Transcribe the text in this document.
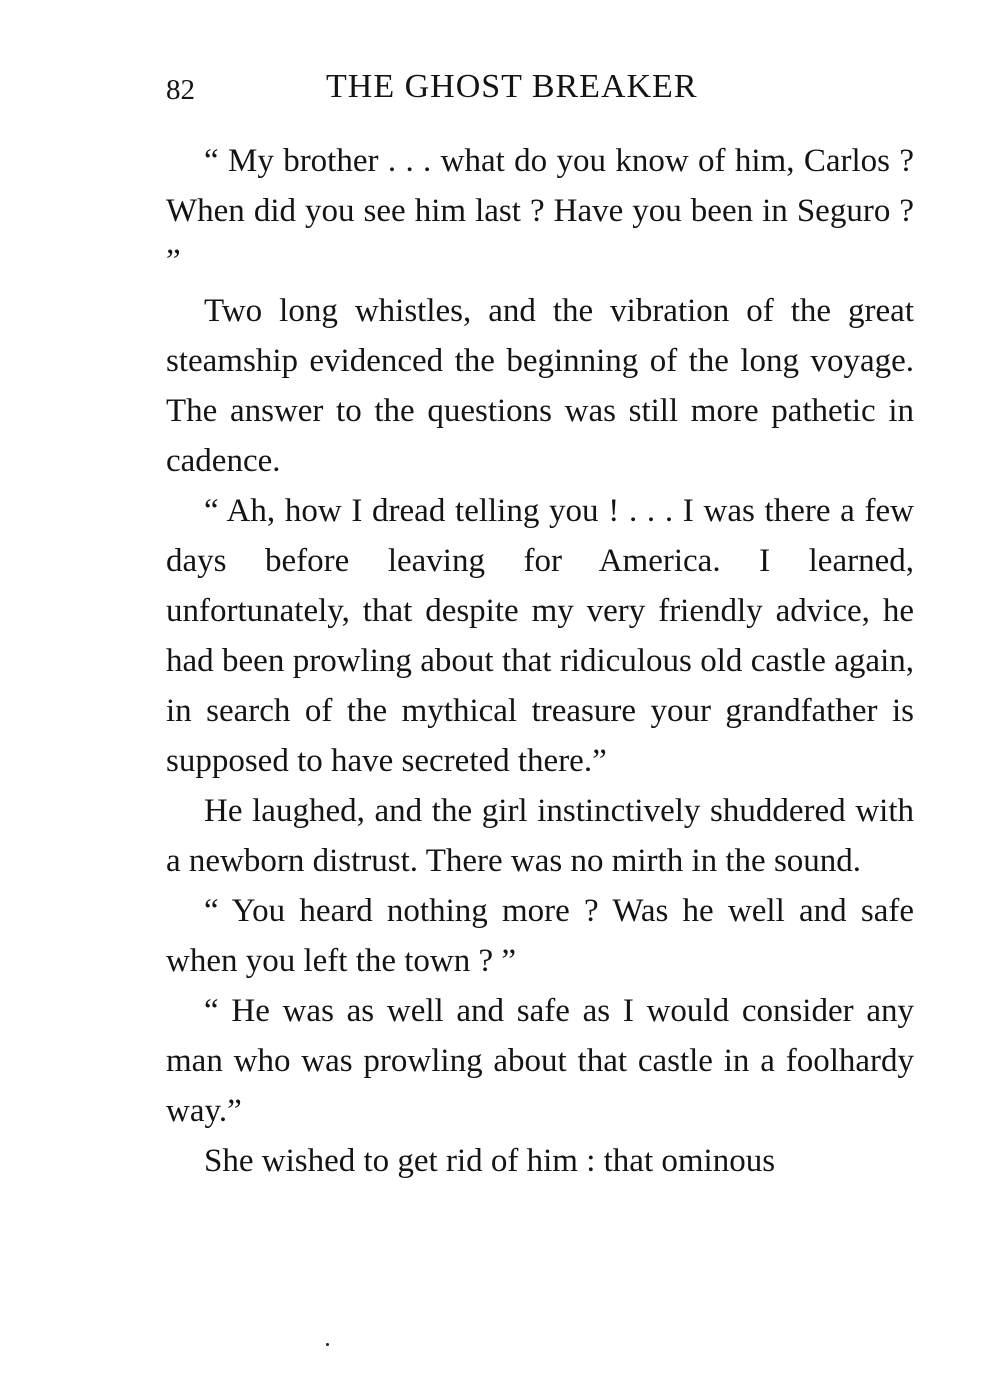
82	THE GHOST BREAKER

“ My brother . . . what do you know of him, Carlos ? When did you see him last ? Have you been in Seguro ? ”

Two long whistles, and the vibration of the great steamship evidenced the beginning of the long voyage. The answer to the questions was still more pathetic in cadence.

“ Ah, how I dread telling you ! . . . I was there a few days before leaving for America. I learned, unfortunately, that despite my very friendly advice, he had been prowling about that ridiculous old castle again, in search of the mythical treasure your grandfather is supposed to have secreted there.”

He laughed, and the girl instinctively shuddered with a newborn distrust. There was no mirth in the sound.

“ You heard nothing more ? Was he well and safe when you left the town ? ”

“ He was as well and safe as I would consider any man who was prowling about that castle in a foolhardy way.”

She wished to get rid of him : that ominous
